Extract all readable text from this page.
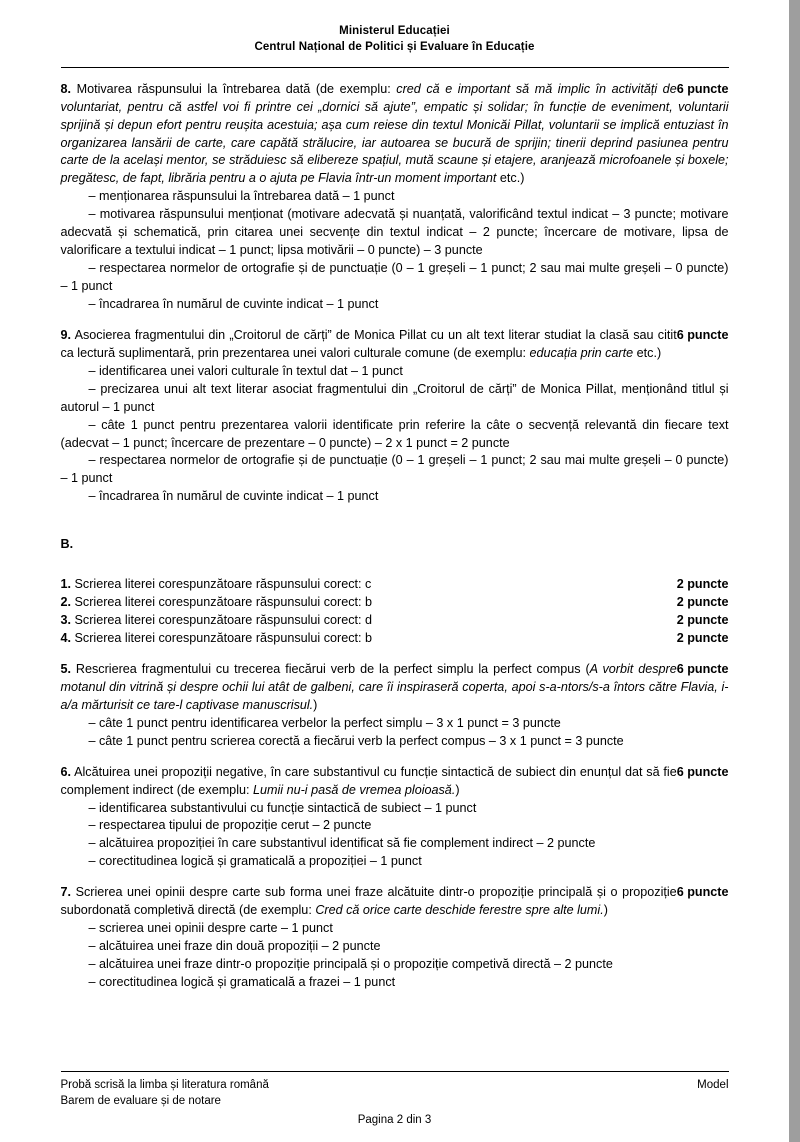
Ministerul Educației
Centrul Național de Politici și Evaluare în Educație

6 puncte
8. Motivarea răspunsului la întrebarea dată (de exemplu: cred că e important să mă implic în activități de voluntariat, pentru că astfel voi fi printre cei „dornici să ajute”, empatic și solidar; în funcție de eveniment, voluntarii sprijină și depun efort pentru reușita acestuia; așa cum reiese din textul Monicăi Pillat, voluntarii se implică entuziast în organizarea lansării de carte, care capătă strălucire, iar autoarea se bucură de sprijin; tinerii deprind pasiunea pentru carte de la același mentor, se străduiesc să elibereze spațiul, mută scaune și etajere, aranjează microfoanele și boxele; pregătesc, de fapt, librăria pentru a o ajuta pe Flavia într-un moment important etc.)

– menționarea răspunsului la întrebarea dată – 1 punct

– motivarea răspunsului menționat (motivare adecvată și nuanțată, valorificând textul indicat – 3 puncte; motivare adecvată și schematică, prin citarea unei secvențe din textul indicat – 2 puncte; încercare de motivare, lipsa de valorificare a textului indicat – 1 punct; lipsa motivării – 0 puncte) – 3 puncte

– respectarea normelor de ortografie și de punctuație (0 – 1 greșeli – 1 punct; 2 sau mai multe greșeli – 0 puncte) – 1 punct

– încadrarea în numărul de cuvinte indicat – 1 punct

6 puncte
9. Asocierea fragmentului din „Croitorul de cărți” de Monica Pillat cu un alt text literar studiat la clasă sau citit ca lectură suplimentară, prin prezentarea unei valori culturale comune (de exemplu: educația prin carte etc.)

– identificarea unei valori culturale în textul dat – 1 punct

– precizarea unui alt text literar asociat fragmentului din „Croitorul de cărți” de Monica Pillat, menționând titlul și autorul – 1 punct

– câte 1 punct pentru prezentarea valorii identificate prin referire la câte o secvență relevantă din fiecare text (adecvat – 1 punct; încercare de prezentare – 0 puncte) – 2 x 1 punct = 2 puncte

– respectarea normelor de ortografie și de punctuație (0 – 1 greșeli – 1 punct; 2 sau mai multe greșeli – 0 puncte) – 1 punct

– încadrarea în numărul de cuvinte indicat – 1 punct

B.
1. Scrierea literei corespunzătoare răspunsului corect: c	2 puncte
2. Scrierea literei corespunzătoare răspunsului corect: b	2 puncte
3. Scrierea literei corespunzătoare răspunsului corect: d	2 puncte
4. Scrierea literei corespunzătoare răspunsului corect: b	2 puncte

6 puncte
5. Rescrierea fragmentului cu trecerea fiecărui verb de la perfect simplu la perfect compus (A vorbit despre motanul din vitrină și despre ochii lui atât de galbeni, care îi inspiraseră coperta, apoi s-a-ntors/s-a întors către Flavia, i-a/a mărturisit ce tare-l captivase manuscrisul.)

– câte 1 punct pentru identificarea verbelor la perfect simplu – 3 x 1 punct = 3 puncte

– câte 1 punct pentru scrierea corectă a fiecărui verb la perfect compus – 3 x 1 punct = 3 puncte

6 puncte
6. Alcătuirea unei propoziții negative, în care substantivul cu funcție sintactică de subiect din enunțul dat să fie complement indirect (de exemplu: Lumii nu-i pasă de vremea ploioasă.)

– identificarea substantivului cu funcție sintactică de subiect – 1 punct

– respectarea tipului de propoziție cerut – 2 puncte

– alcătuirea propoziției în care substantivul identificat să fie complement indirect – 2 puncte

– corectitudinea logică și gramaticală a propoziției – 1 punct

6 puncte
7. Scrierea unei opinii despre carte sub forma unei fraze alcătuite dintr-o propoziție principală și o propoziție subordonată completivă directă (de exemplu: Cred că orice carte deschide ferestre spre alte lumi.)

– scrierea unei opinii despre carte – 1 punct

– alcătuirea unei fraze din două propoziții – 2 puncte

– alcătuirea unei fraze dintr-o propoziție principală și o propoziție competivă directă – 2 puncte

– corectitudinea logică și gramaticală a frazei – 1 punct

Probă scrisă la limba și literatura română	Model
Barem de evaluare și de notare
Pagina 2 din 3
